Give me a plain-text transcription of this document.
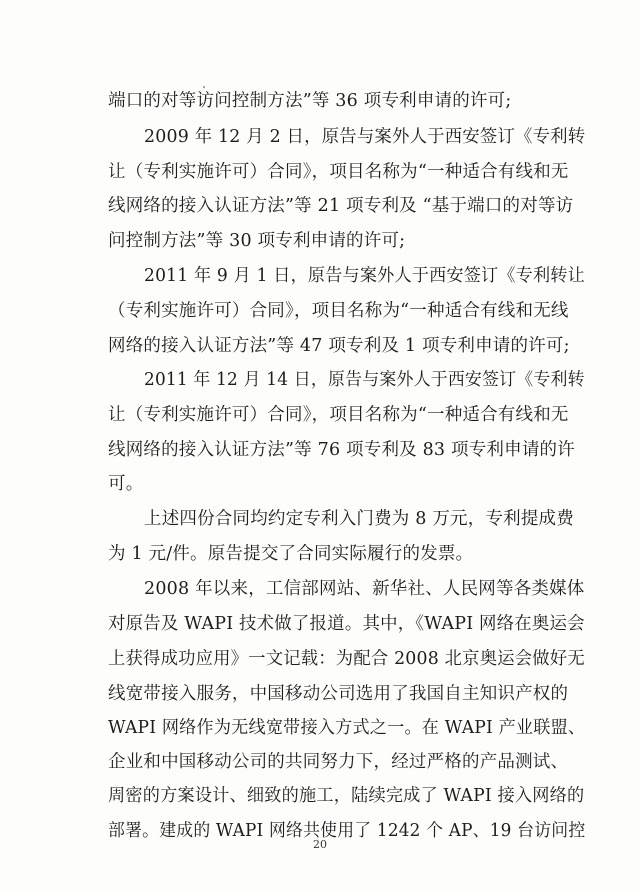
端口的对等访问控制方法”等 36 项专利申请的许可;
2009 年 12 月 2 日，原告与案外人于西安签订《专利转
让（专利实施许可）合同》，项目名称为“一种适合有线和无
线网络的接入认证方法”等 21 项专利及 “基于端口的对等访
问控制方法”等 30 项专利申请的许可;
2011 年 9 月 1 日，原告与案外人于西安签订《专利转让
（专利实施许可）合同》，项目名称为“一种适合有线和无线
网络的接入认证方法”等 47 项专利及 1 项专利申请的许可;
2011 年 12 月 14 日，原告与案外人于西安签订《专利转
让（专利实施许可）合同》，项目名称为“一种适合有线和无
线网络的接入认证方法”等 76 项专利及 83 项专利申请的许
可。
上述四份合同均约定专利入门费为 8 万元，专利提成费
为 1 元/件。原告提交了合同实际履行的发票。
2008 年以来，工信部网站、新华社、人民网等各类媒体
对原告及 WAPI 技术做了报道。其中，《WAPI 网络在奥运会
上获得成功应用》一文记载：为配合 2008 北京奥运会做好无
线宽带接入服务，中国移动公司选用了我国自主知识产权的
WAPI 网络作为无线宽带接入方式之一。在 WAPI 产业联盟、
企业和中国移动公司的共同努力下，经过严格的产品测试、
周密的方案设计、细致的施工，陆续完成了 WAPI 接入网络的
部署。建成的 WAPI 网络共使用了 1242 个 AP、19 台访问控
20
